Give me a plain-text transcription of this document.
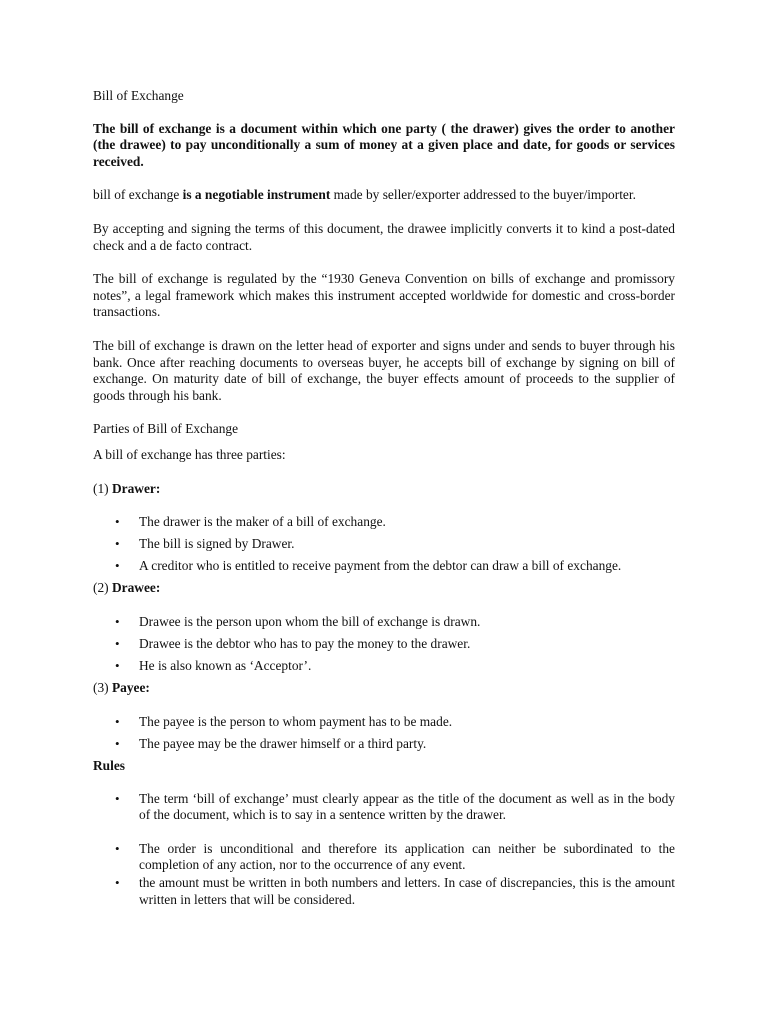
Bill of Exchange

The bill of exchange is a document within which one party ( the drawer) gives the order to another (the drawee) to pay unconditionally a sum of money at a given place and date, for goods or services received.

bill of exchange is a negotiable instrument made by seller/exporter addressed to the buyer/importer.

By accepting and signing the terms of this document, the drawee implicitly converts it to kind a post-dated check and a de facto contract.

The bill of exchange is regulated by the “1930 Geneva Convention on bills of exchange and promissory notes”, a legal framework which makes this instrument accepted worldwide for domestic and cross-border transactions.

The bill of exchange is drawn on the letter head of exporter and signs under and sends to buyer through his bank. Once after reaching documents to overseas buyer, he accepts bill of exchange by signing on bill of exchange. On maturity date of bill of exchange, the buyer effects amount of proceeds to the supplier of goods through his bank.

Parties of Bill of Exchange

A bill of exchange has three parties:

(1) Drawer:

• The drawer is the maker of a bill of exchange.
• The bill is signed by Drawer.
• A creditor who is entitled to receive payment from the debtor can draw a bill of exchange.

(2) Drawee:

• Drawee is the person upon whom the bill of exchange is drawn.
• Drawee is the debtor who has to pay the money to the drawer.
• He is also known as ‘Acceptor’.

(3) Payee:

• The payee is the person to whom payment has to be made.
• The payee may be the drawer himself or a third party.

Rules

• The term ‘bill of exchange’ must clearly appear as the title of the document as well as in the body of the document, which is to say in a sentence written by the drawer.
• The order is unconditional and therefore its application can neither be subordinated to the completion of any action, nor to the occurrence of any event.
• the amount must be written in both numbers and letters. In case of discrepancies, this is the amount written in letters that will be considered.
